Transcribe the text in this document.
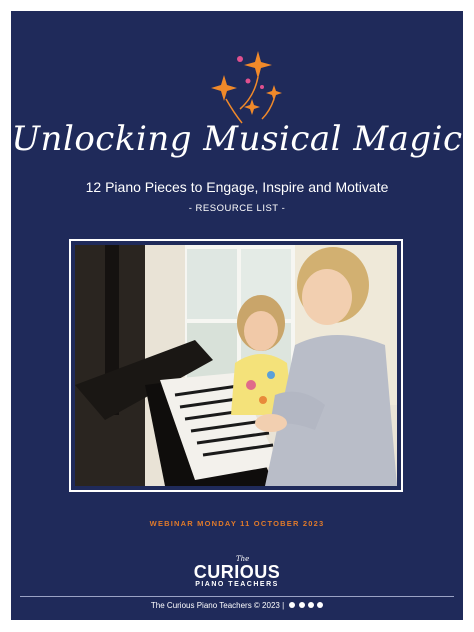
Unlocking Musical Magic
12 Piano Pieces to Engage, Inspire and Motivate
- RESOURCE LIST -
WEBINAR MONDAY 11 OCTOBER 2023
The
CURIOUS
PIANO TEACHERS
The Curious Piano Teachers © 2023 |
